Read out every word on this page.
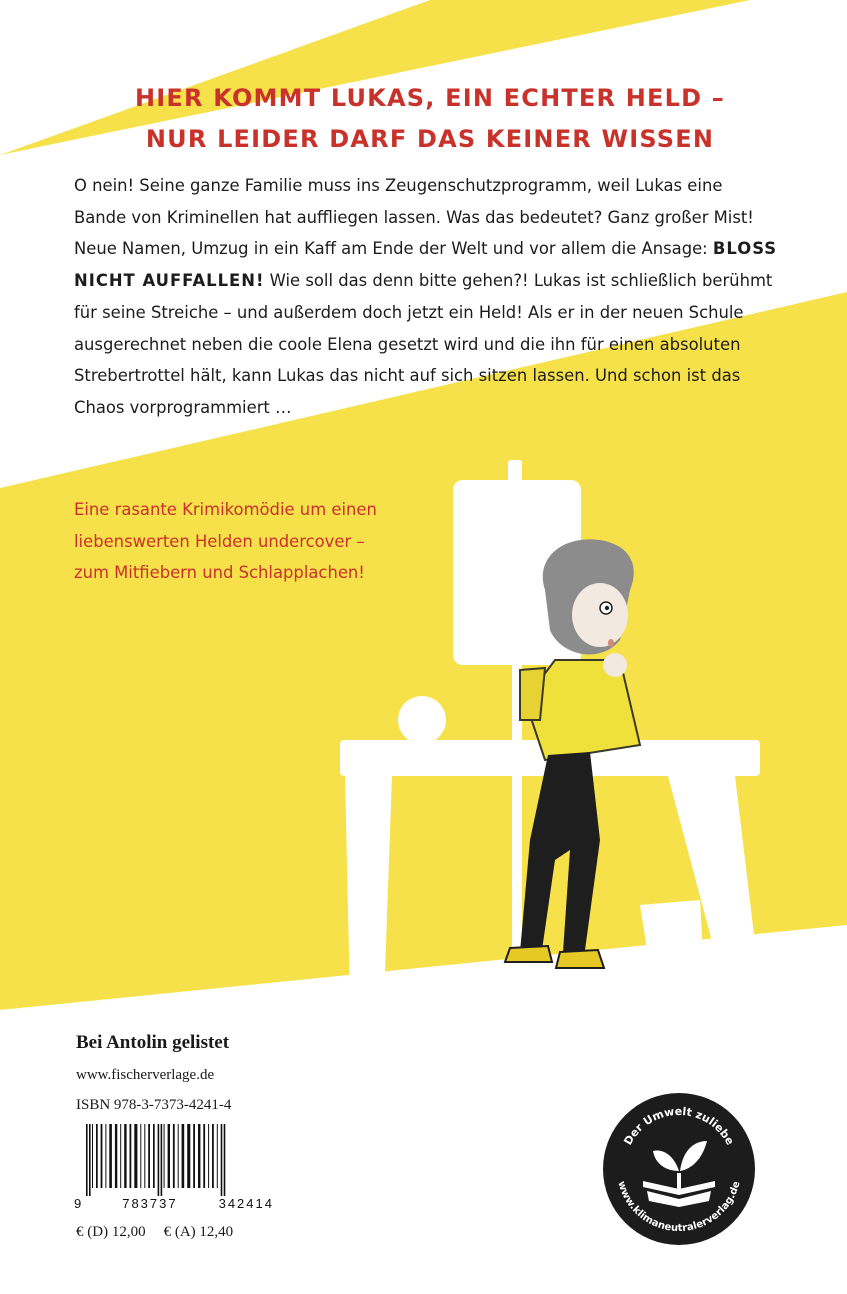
HIER KOMMT LUKAS, EIN ECHTER HELD –
NUR LEIDER DARF DAS KEINER WISSEN

O nein! Seine ganze Familie muss ins Zeugenschutzprogramm, weil Lukas eine Bande von Kriminellen hat auffliegen lassen. Was das bedeutet? Ganz großer Mist! Neue Namen, Umzug in ein Kaff am Ende der Welt und vor allem die Ansage: BLOSS NICHT AUFFALLEN! Wie soll das denn bitte gehen?! Lukas ist schließlich berühmt für seine Streiche – und außerdem doch jetzt ein Held! Als er in der neuen Schule ausgerechnet neben die coole Elena gesetzt wird und die ihn für einen absoluten Strebertrottel hält, kann Lukas das nicht auf sich sitzen lassen. Und schon ist das Chaos vorprogrammiert …

Eine rasante Krimikomödie um einen
liebenswerten Helden undercover –
zum Mitfiebern und Schlapplachen!

Bei Antolin gelistet
www.fischerverlage.de
ISBN 978-3-7373-4241-4
9	783737	342414
€ (D) 12,00 € (A) 12,40
Der Umwelt zuliebe
www.klimaneutralerverlag.de
